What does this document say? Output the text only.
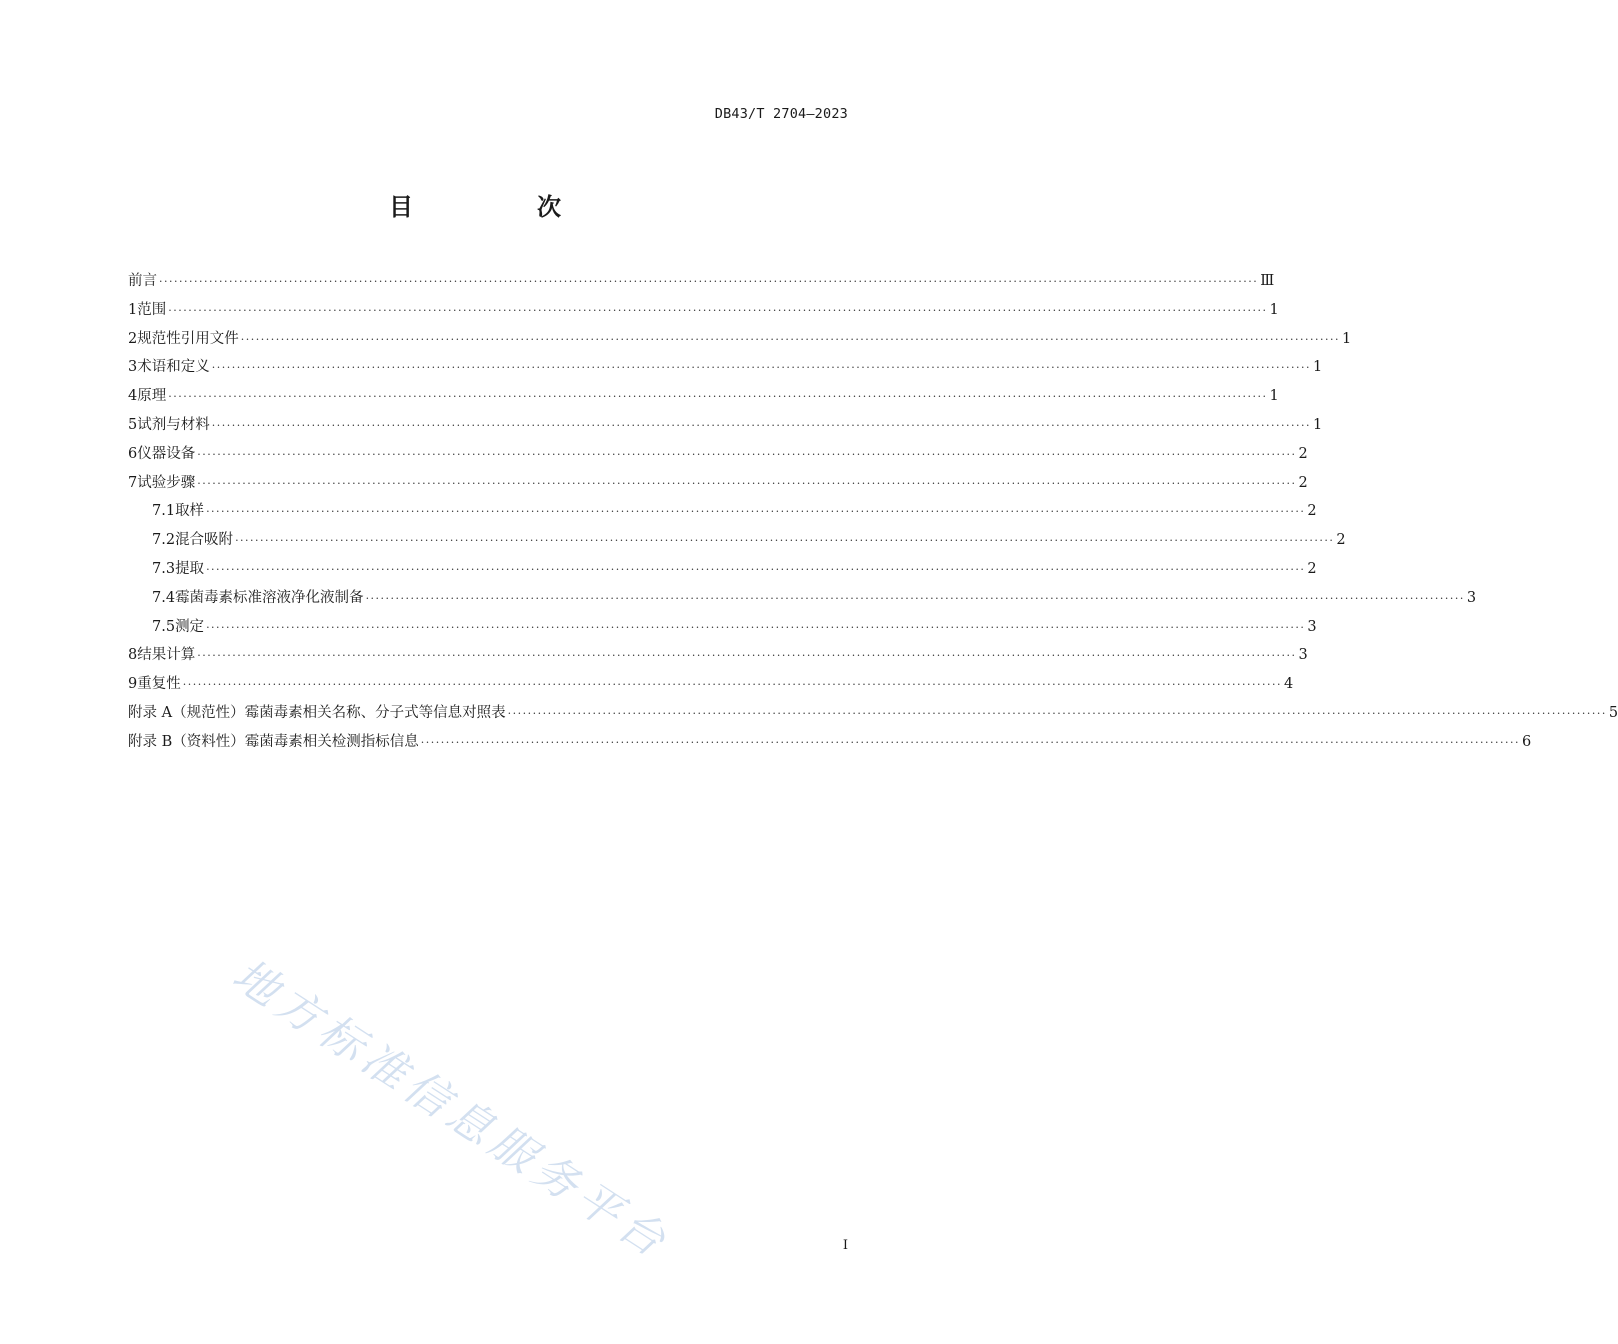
DB43/T 2704—2023
目　次
前言 ···························································································································································································································· Ⅲ
1 范围 ···························································································································································································································· 1
2 规范性引用文件 ···························································································································································································································· 1
3 术语和定义 ···························································································································································································································· 1
4 原理 ···························································································································································································································· 1
5 试剂与材料 ···························································································································································································································· 1
6 仪器设备 ···························································································································································································································· 2
7 试验步骤 ···························································································································································································································· 2
7.1 取样 ···························································································································································································································· 2
7.2 混合吸附 ···························································································································································································································· 2
7.3 提取 ···························································································································································································································· 2
7.4 霉菌毒素标准溶液净化液制备 ···························································································································································································································· 3
7.5 测定 ···························································································································································································································· 3
8 结果计算 ···························································································································································································································· 3
9 重复性 ···························································································································································································································· 4
附录 A（规范性） 霉菌毒素相关名称、分子式等信息对照表 ···························································································································································································································· 5
附录 B（资料性） 霉菌毒素相关检测指标信息 ···························································································································································································································· 6
地方标准信息服务平台	I
